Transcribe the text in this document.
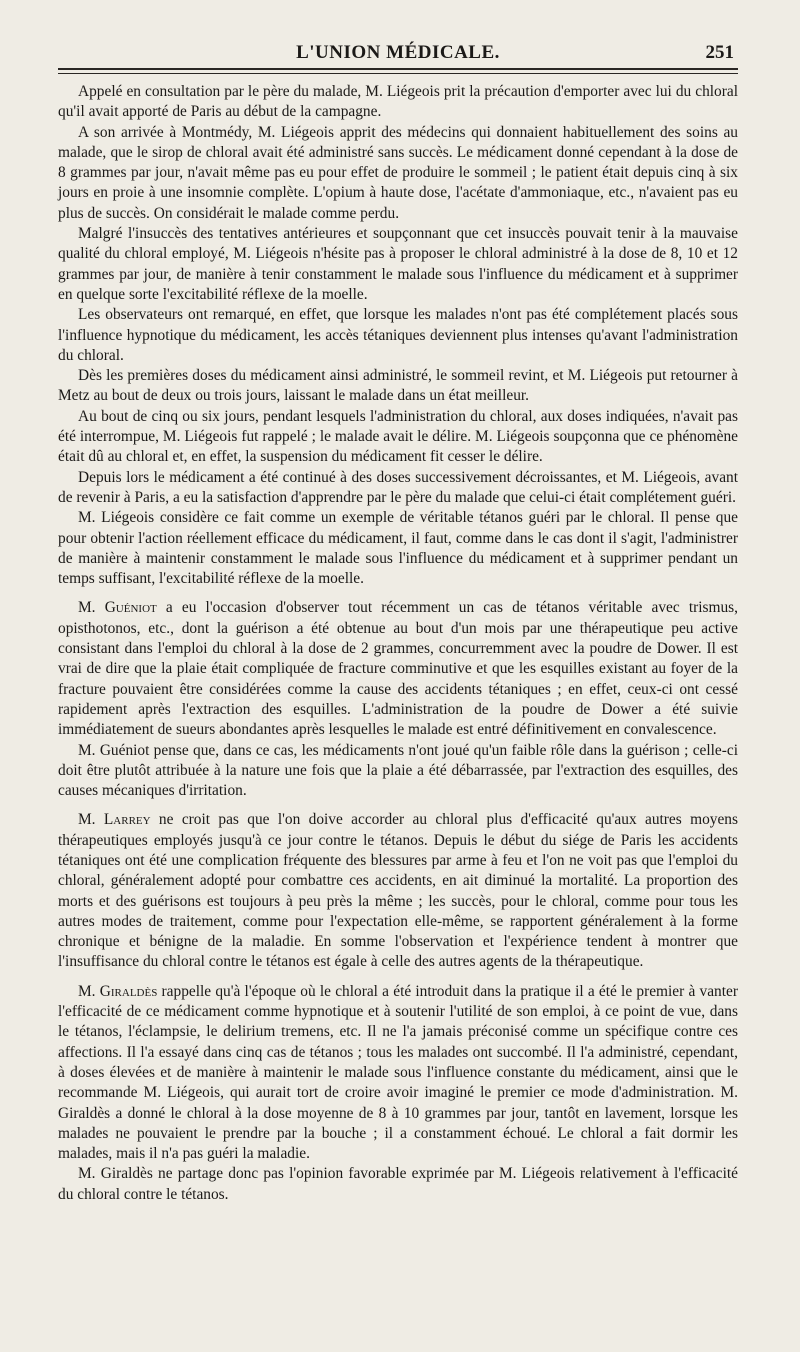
L'UNION MÉDICALE.	251

Appelé en consultation par le père du malade, M. Liégeois prit la précaution d'emporter avec lui du chloral qu'il avait apporté de Paris au début de la campagne.

A son arrivée à Montmédy, M. Liégeois apprit des médecins qui donnaient habituellement des soins au malade, que le sirop de chloral avait été administré sans succès. Le médicament donné cependant à la dose de 8 grammes par jour, n'avait même pas eu pour effet de produire le sommeil ; le patient était depuis cinq à six jours en proie à une insomnie complète. L'opium à haute dose, l'acétate d'ammoniaque, etc., n'avaient pas eu plus de succès. On considérait le malade comme perdu.

Malgré l'insuccès des tentatives antérieures et soupçonnant que cet insuccès pouvait tenir à la mauvaise qualité du chloral employé, M. Liégeois n'hésite pas à proposer le chloral administré à la dose de 8, 10 et 12 grammes par jour, de manière à tenir constamment le malade sous l'influence du médicament et à supprimer en quelque sorte l'excitabilité réflexe de la moelle.

Les observateurs ont remarqué, en effet, que lorsque les malades n'ont pas été complétement placés sous l'influence hypnotique du médicament, les accès tétaniques deviennent plus intenses qu'avant l'administration du chloral.

Dès les premières doses du médicament ainsi administré, le sommeil revint, et M. Liégeois put retourner à Metz au bout de deux ou trois jours, laissant le malade dans un état meilleur.

Au bout de cinq ou six jours, pendant lesquels l'administration du chloral, aux doses indiquées, n'avait pas été interrompue, M. Liégeois fut rappelé ; le malade avait le délire. M. Liégeois soupçonna que ce phénomène était dû au chloral et, en effet, la suspension du médicament fit cesser le délire.

Depuis lors le médicament a été continué à des doses successivement décroissantes, et M. Liégeois, avant de revenir à Paris, a eu la satisfaction d'apprendre par le père du malade que celui-ci était complétement guéri.

M. Liégeois considère ce fait comme un exemple de véritable tétanos guéri par le chloral. Il pense que pour obtenir l'action réellement efficace du médicament, il faut, comme dans le cas dont il s'agit, l'administrer de manière à maintenir constamment le malade sous l'influence du médicament et à supprimer pendant un temps suffisant, l'excitabilité réflexe de la moelle.

M. Guéniot a eu l'occasion d'observer tout récemment un cas de tétanos véritable avec trismus, opisthotonos, etc., dont la guérison a été obtenue au bout d'un mois par une thérapeutique peu active consistant dans l'emploi du chloral à la dose de 2 grammes, concurremment avec la poudre de Dower. Il est vrai de dire que la plaie était compliquée de fracture comminutive et que les esquilles existant au foyer de la fracture pouvaient être considérées comme la cause des accidents tétaniques ; en effet, ceux-ci ont cessé rapidement après l'extraction des esquilles. L'administration de la poudre de Dower a été suivie immédiatement de sueurs abondantes après lesquelles le malade est entré définitivement en convalescence.

M. Guéniot pense que, dans ce cas, les médicaments n'ont joué qu'un faible rôle dans la guérison ; celle-ci doit être plutôt attribuée à la nature une fois que la plaie a été débarrassée, par l'extraction des esquilles, des causes mécaniques d'irritation.

M. Larrey ne croit pas que l'on doive accorder au chloral plus d'efficacité qu'aux autres moyens thérapeutiques employés jusqu'à ce jour contre le tétanos. Depuis le début du siége de Paris les accidents tétaniques ont été une complication fréquente des blessures par arme à feu et l'on ne voit pas que l'emploi du chloral, généralement adopté pour combattre ces accidents, en ait diminué la mortalité. La proportion des morts et des guérisons est toujours à peu près la même ; les succès, pour le chloral, comme pour tous les autres modes de traitement, comme pour l'expectation elle-même, se rapportent généralement à la forme chronique et bénigne de la maladie. En somme l'observation et l'expérience tendent à montrer que l'insuffisance du chloral contre le tétanos est égale à celle des autres agents de la thérapeutique.

M. Giraldès rappelle qu'à l'époque où le chloral a été introduit dans la pratique il a été le premier à vanter l'efficacité de ce médicament comme hypnotique et à soutenir l'utilité de son emploi, à ce point de vue, dans le tétanos, l'éclampsie, le delirium tremens, etc. Il ne l'a jamais préconisé comme un spécifique contre ces affections. Il l'a essayé dans cinq cas de tétanos ; tous les malades ont succombé. Il l'a administré, cependant, à doses élevées et de manière à maintenir le malade sous l'influence constante du médicament, ainsi que le recommande M. Liégeois, qui aurait tort de croire avoir imaginé le premier ce mode d'administration. M. Giraldès a donné le chloral à la dose moyenne de 8 à 10 grammes par jour, tantôt en lavement, lorsque les malades ne pouvaient le prendre par la bouche ; il a constamment échoué. Le chloral a fait dormir les malades, mais il n'a pas guéri la maladie.

M. Giraldès ne partage donc pas l'opinion favorable exprimée par M. Liégeois relativement à l'efficacité du chloral contre le tétanos.
